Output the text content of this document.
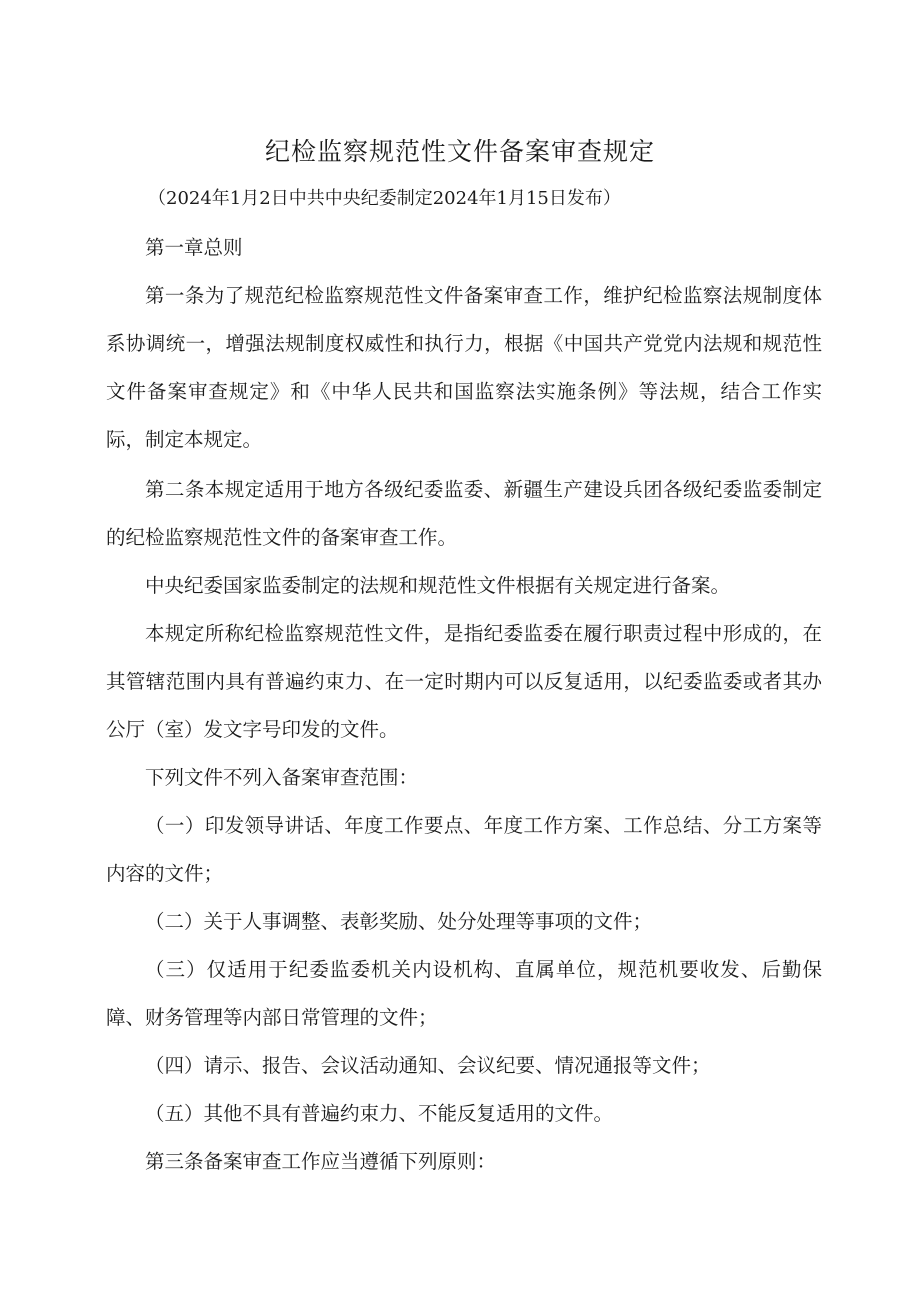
纪检监察规范性文件备案审查规定
（2024年1月2日中共中央纪委制定2024年1月15日发布）

第一章总则

第一条为了规范纪检监察规范性文件备案审查工作，维护纪检监察法规制度体系协调统一，增强法规制度权威性和执行力，根据《中国共产党党内法规和规范性文件备案审查规定》和《中华人民共和国监察法实施条例》等法规，结合工作实际，制定本规定。

第二条本规定适用于地方各级纪委监委、新疆生产建设兵团各级纪委监委制定的纪检监察规范性文件的备案审查工作。

中央纪委国家监委制定的法规和规范性文件根据有关规定进行备案。

本规定所称纪检监察规范性文件，是指纪委监委在履行职责过程中形成的，在其管辖范围内具有普遍约束力、在一定时期内可以反复适用，以纪委监委或者其办公厅（室）发文字号印发的文件。

下列文件不列入备案审查范围：

（一）印发领导讲话、年度工作要点、年度工作方案、工作总结、分工方案等内容的文件；

（二）关于人事调整、表彰奖励、处分处理等事项的文件；

（三）仅适用于纪委监委机关内设机构、直属单位，规范机要收发、后勤保障、财务管理等内部日常管理的文件；

（四）请示、报告、会议活动通知、会议纪要、情况通报等文件；

（五）其他不具有普遍约束力、不能反复适用的文件。

第三条备案审查工作应当遵循下列原则：
